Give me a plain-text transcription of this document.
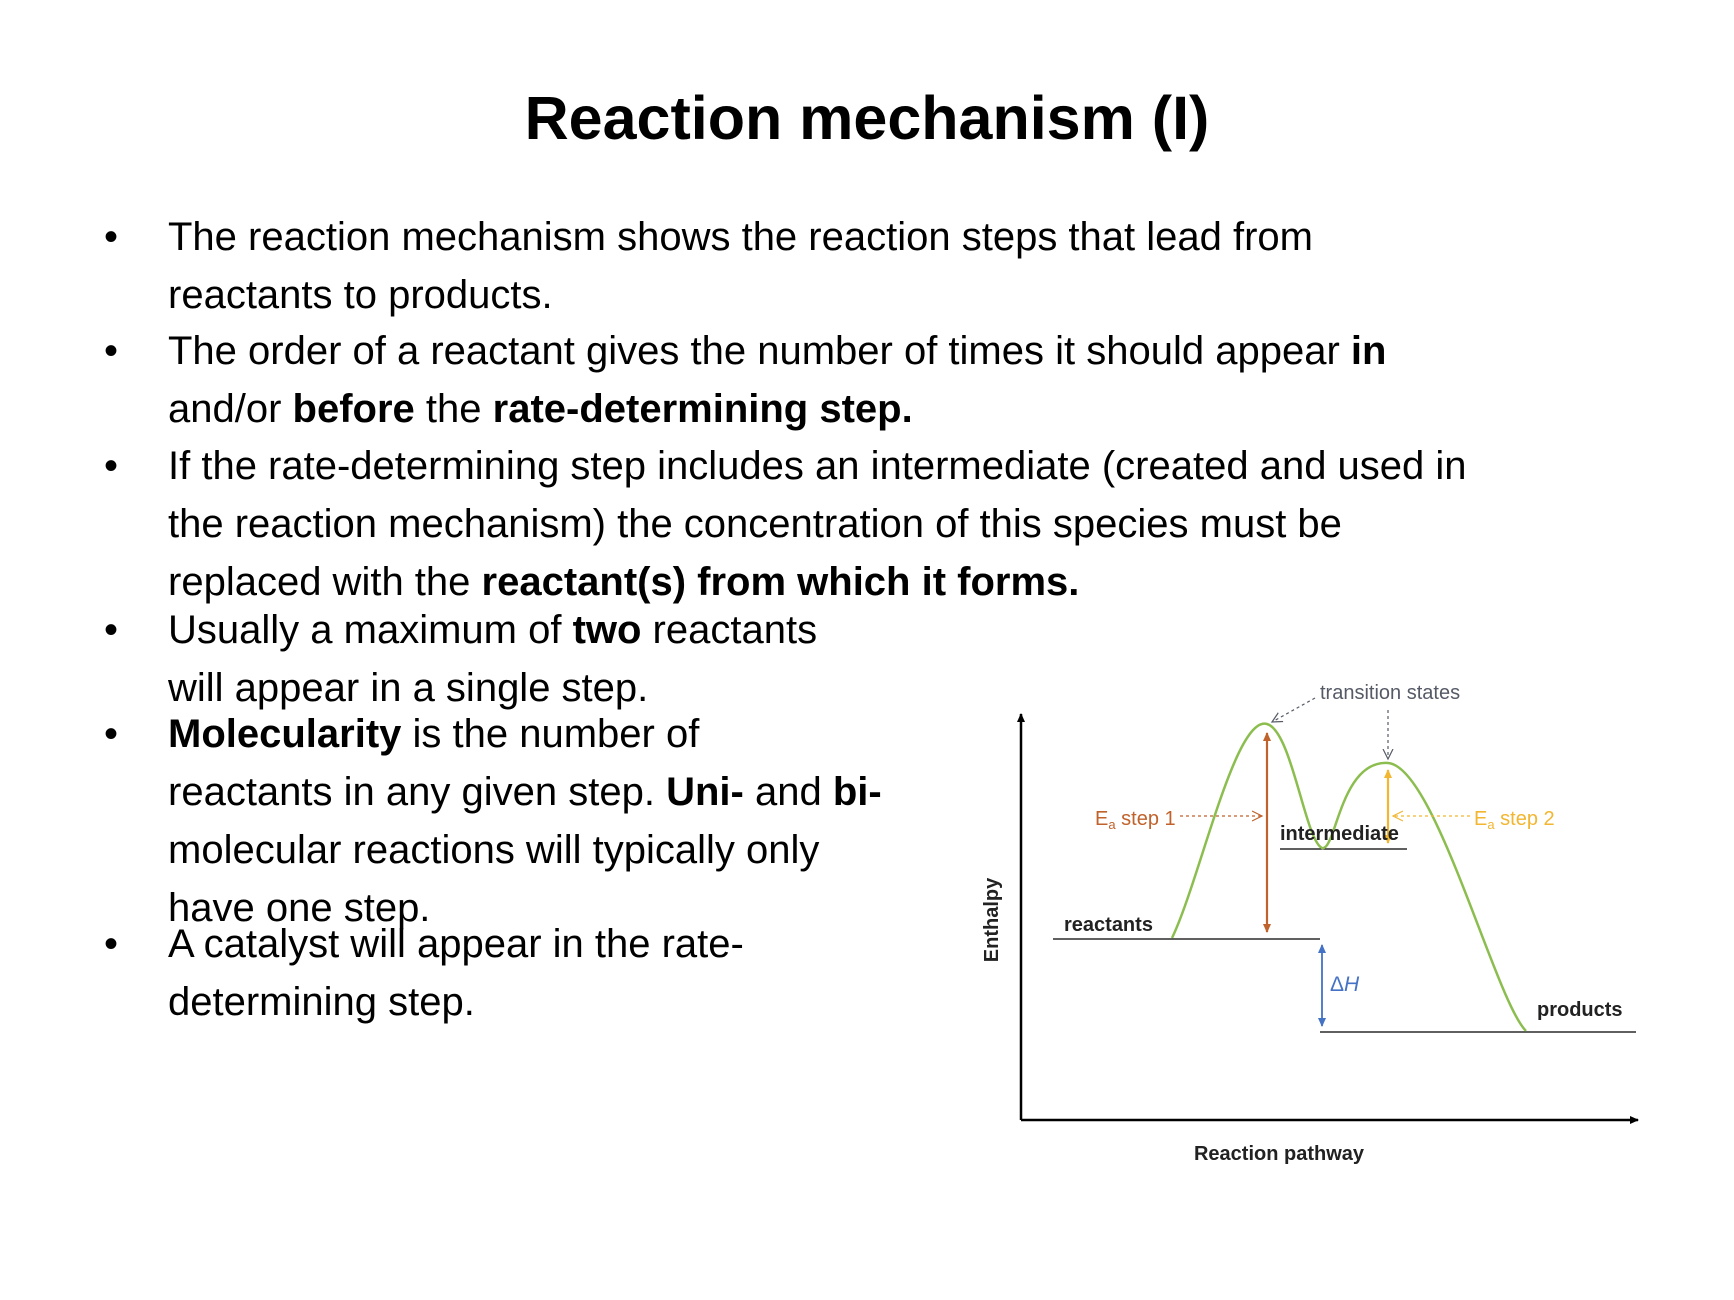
Reaction mechanism (I)
• The reaction mechanism shows the reaction steps that lead from
reactants to products.
• The order of a reactant gives the number of times it should appear in
and/or before the rate-determining step.
• If the rate-determining step includes an intermediate (created and used in
the reaction mechanism) the concentration of this species must be
replaced with the reactant(s) from which it forms.
• Usually a maximum of two reactants
will appear in a single step.
• Molecularity is the number of
reactants in any given step. Uni- and bi-
molecular reactions will typically only
have one step.
• A catalyst will appear in the rate-
determining step.
transition states
$E_a$ step 1	$E_a$ step 2
intermediate
reactants
products
ΔH
Enthalpy
Reaction pathway
